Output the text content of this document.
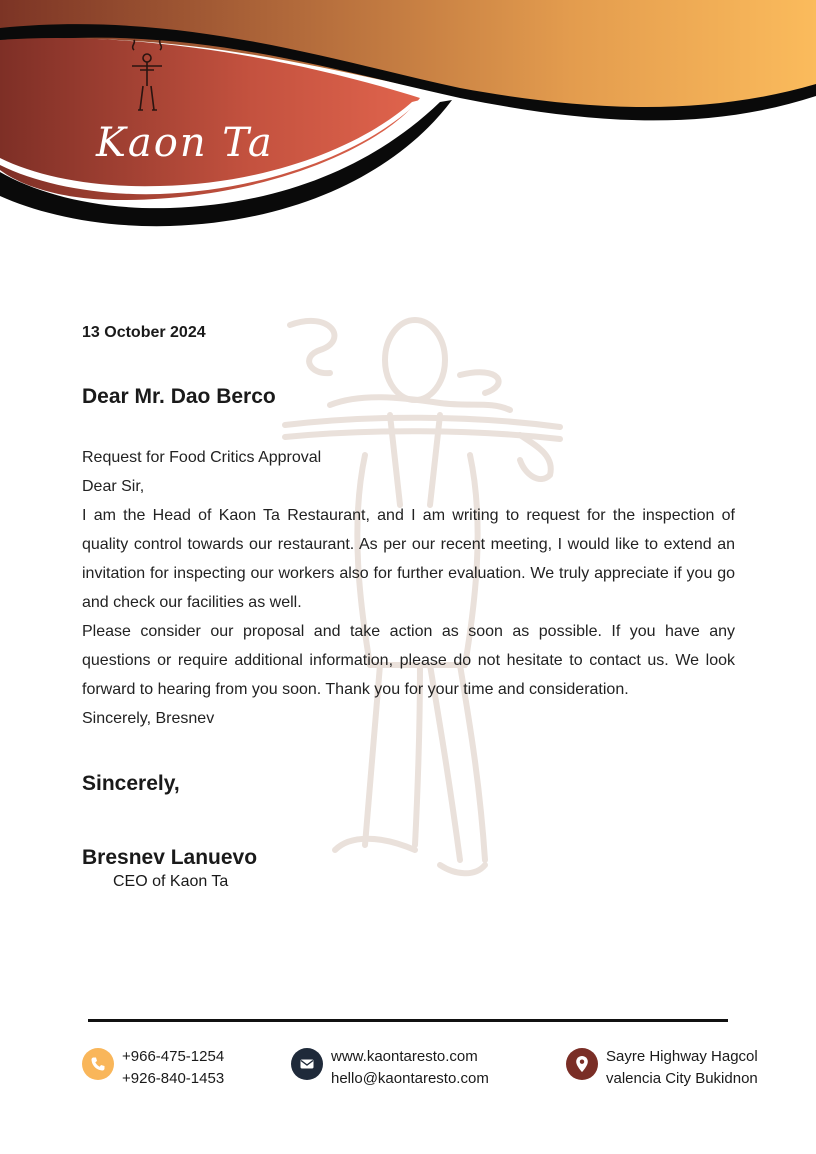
Kaon Ta
13 October 2024
Dear Mr. Dao Berco

Request for Food Critics Approval

Dear Sir,

I am the Head of Kaon Ta Restaurant, and I am writing to request for the inspection of quality control towards our restaurant. As per our recent meeting, I would like to extend an invitation for inspecting our workers also for further evaluation. We truly appreciate if you go and check our facilities as well.

Please consider our proposal and take action as soon as possible. If you have any questions or require additional information, please do not hesitate to contact us. We look forward to hearing from you soon. Thank you for your time and consideration.

Sincerely, Bresnev

Sincerely,
Bresnev Lanuevo
CEO of Kaon Ta
+966-475-1254
+926-840-1453
www.kaontaresto.com
hello@kaontaresto.com
Sayre Highway Hagcol
valencia City Bukidnon
